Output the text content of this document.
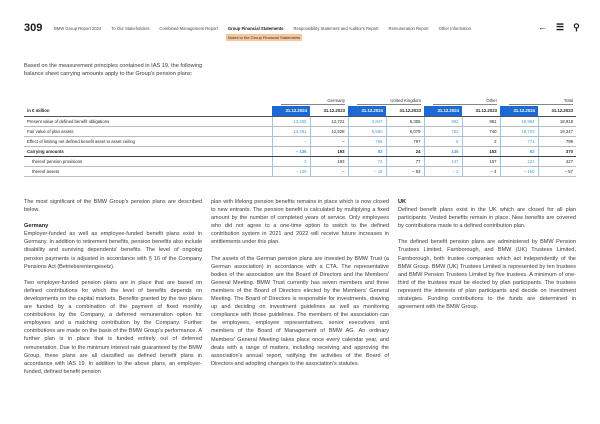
309	BMW Group Report 2024 To Our Stakeholders Combined Management Report Group Financial Statements Responsibility Statement and Auditor's Report Remuneration Report Other Information
Notes to the Group Financial Statements
← ☰ ⚲
Based on the measurement principles contained in IAS 19, the following balance sheet carrying amounts apply to the Group's pension plans:

	Germany		United Kingdom		Other		Total	

in € million	31.12.2024	31.12.2023	31.12.2024	31.12.2023	31.12.2024	31.12.2023	31.12.2024	31.12.2023
Present value of defined benefit obligations	13,255	12,721	4,847	5,306	892	891	18,994	18,918
Fair value of plan assets	13,391	12,528	5,560	6,079	752	740	19,703	19,347
Effect of limiting net defined benefit asset to asset ceiling	–	–	766	797	5	2	771	799
Carrying amounts	– 136	193	53	24	145	153	62	370
thereof pension provisions	3	193	72	77	147	157	222	427
thereof assets	– 139	–	– 19	– 53	– 2	– 4	– 160	– 57

The most significant of the BMW Group's pension plans are described below.

Germany

Employer-funded as well as employee-funded benefit plans exist in Germany. In addition to retirement benefits, pension benefits also include disability and surviving dependents' benefits. The level of ongoing pension payments is adjusted in accordance with § 16 of the Company Pensions Act (Betriebsrentengesetz).

Two employer-funded pension plans are in place that are based on defined contributions for which the level of benefits depends on developments on the capital markets. Benefits granted by the two plans are funded by a combination of the payment of fixed monthly contributions by the Company, a deferred remuneration option for employees and a matching contribution by the Company. Further contributions are made on the basis of the BMW Group's performance. A further plan is in place that is funded entirely out of deferred remuneration. Due to the minimum interest rate guaranteed by the BMW Group, these plans are all classified as defined benefit plans in accordance with IAS 19. In addition to the above plans, an employer-funded, defined benefit pension

plan with lifelong pension benefits remains in place which is now closed to new entrants. The pension benefit is calculated by multiplying a fixed amount by the number of completed years of service. Only employees who did not agree to a one-time option to switch to the defined contribution system in 2021 and 2022 will receive future increases in entitlements under this plan.

The assets of the German pension plans are invested by BMW Trust (a German association) in accordance with a CTA. The representative bodies of the association are the Board of Directors and the Members' General Meeting. BMW Trust currently has seven members and three members of the Board of Directors elected by the Members' General Meeting. The Board of Directors is responsible for investments, drawing up and deciding on investment guidelines as well as monitoring compliance with those guidelines. The members of the association can be employees, employee representatives, senior executives and members of the Board of Management of BMW AG. An ordinary Members' General Meeting takes place once every calendar year, and deals with a range of matters, including receiving and approving the association's annual report, ratifying the activities of the Board of Directors and adopting changes to the association's statutes.

UK

Defined benefit plans exist in the UK which are closed for all plan participants. Vested benefits remain in place. New benefits are covered by contributions made to a defined contribution plan.

The defined benefit pension plans are administered by BMW Pension Trustees Limited, Farnborough, and BMW (UK) Trustees Limited, Farnborough, both trustee companies which act independently of the BMW Group. BMW (UK) Trustees Limited is represented by ten trustees and BMW Pension Trustees Limited by five trustees. A minimum of one-third of the trustees must be elected by plan participants. The trustees represent the interests of plan participants and decide on investment strategies. Funding contributions to the funds are determined in agreement with the BMW Group.
